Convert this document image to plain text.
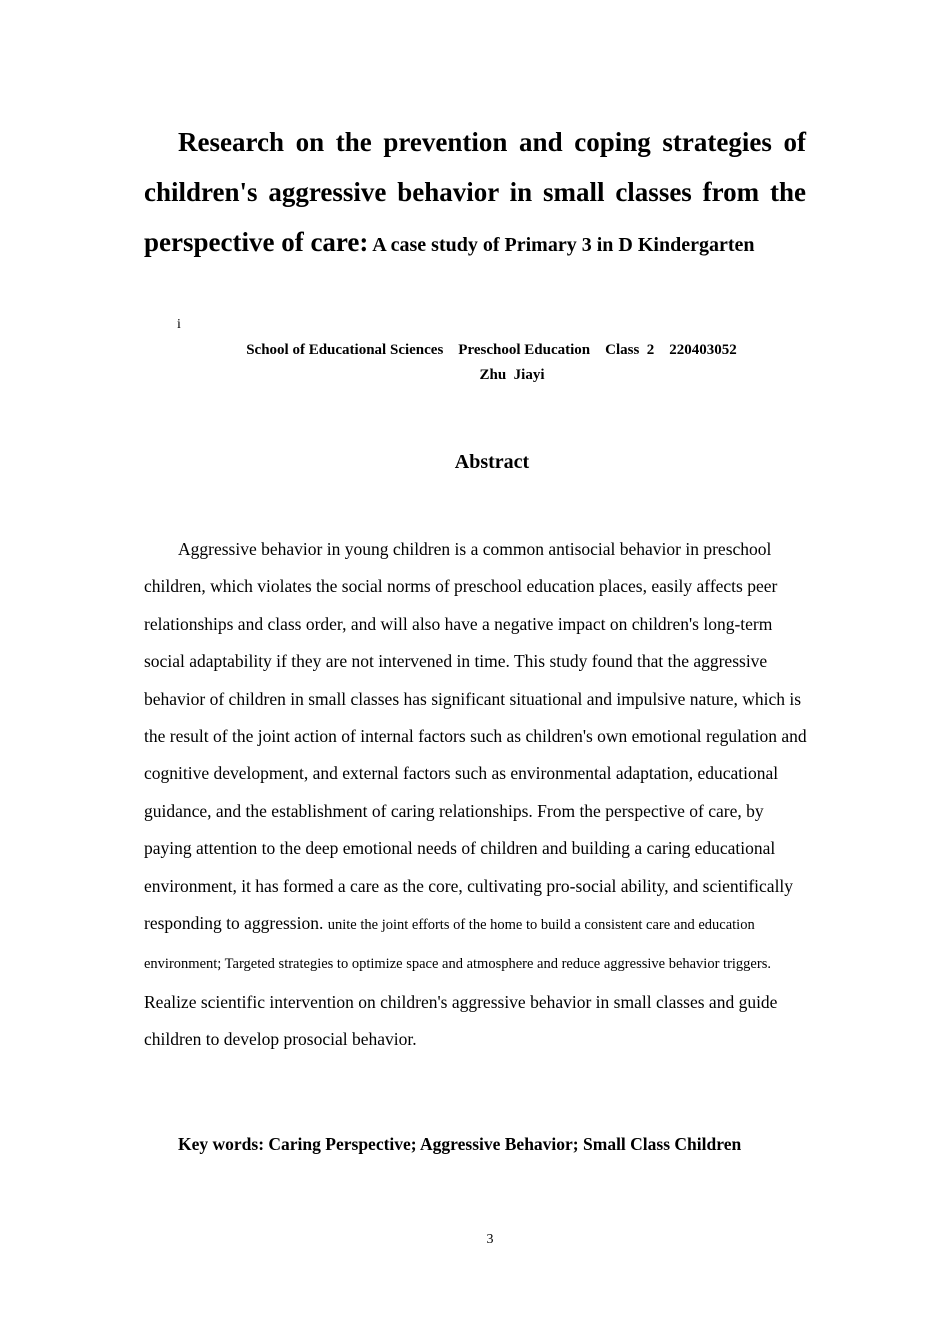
Research on the prevention and coping strategies of children's aggressive behavior in small classes from the perspective of care: A case study of Primary 3 in D Kindergarten
i
School of Educational Sciences    Preschool Education    Class  2    220403052
Zhu  Jiayi
Abstract
Aggressive behavior in young children is a common antisocial behavior in preschool children, which violates the social norms of preschool education places, easily affects peer relationships and class order, and will also have a negative impact on children's long-term social adaptability if they are not intervened in time. This study found that the aggressive behavior of children in small classes has significant situational and impulsive nature, which is the result of the joint action of internal factors such as children's own emotional regulation and cognitive development, and external factors such as environmental adaptation, educational guidance, and the establishment of caring relationships. From the perspective of care, by paying attention to the deep emotional needs of children and building a caring educational environment, it has formed a care as the core, cultivating pro-social ability, and scientifically responding to aggression. unite the joint efforts of the home to build a consistent care and education environment; Targeted strategies to optimize space and atmosphere and reduce aggressive behavior triggers. Realize scientific intervention on children's aggressive behavior in small classes and guide children to develop prosocial behavior.
Key words: Caring Perspective; Aggressive Behavior; Small Class Children
3
